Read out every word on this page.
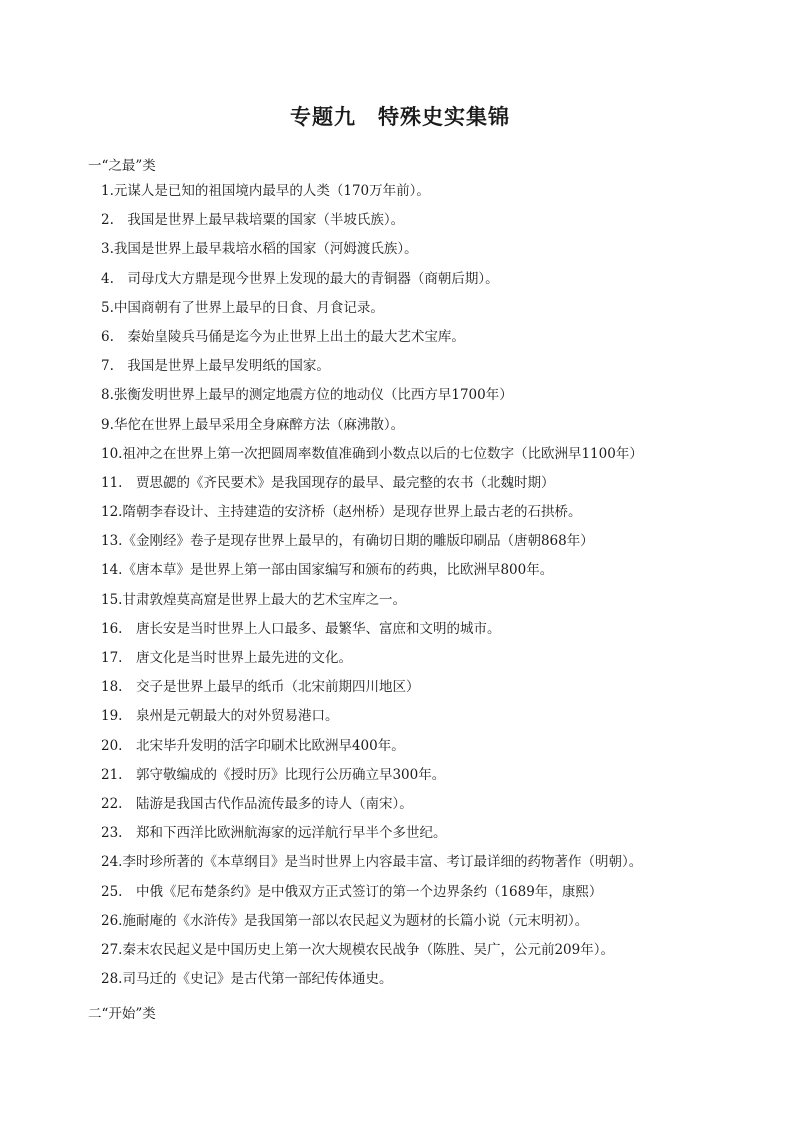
专题九　特殊史实集锦
一“之最”类
1.元谋人是已知的祖国境内最早的人类（170万年前）。
2.　我国是世界上最早栽培粟的国家（半坡氏族）。
3.我国是世界上最早栽培水稻的国家（河姆渡氏族）。
4.　司母戊大方鼎是现今世界上发现的最大的青铜器（商朝后期）。
5.中国商朝有了世界上最早的日食、月食记录。
6.　秦始皇陵兵马俑是迄今为止世界上出土的最大艺术宝库。
7.　我国是世界上最早发明纸的国家。
8.张衡发明世界上最早的测定地震方位的地动仪（比西方早1700年）
9.华佗在世界上最早采用全身麻醉方法（麻沸散）。
10.祖冲之在世界上第一次把圆周率数值准确到小数点以后的七位数字（比欧洲早1100年）
11.　贾思勰的《齐民要术》是我国现存的最早、最完整的农书（北魏时期）
12.隋朝李春设计、主持建造的安济桥（赵州桥）是现存世界上最古老的石拱桥。
13.《金刚经》卷子是现存世界上最早的，有确切日期的雕版印刷品（唐朝868年）
14.《唐本草》是世界上第一部由国家编写和颁布的药典，比欧洲早800年。
15.甘肃敦煌莫高窟是世界上最大的艺术宝库之一。
16.　唐长安是当时世界上人口最多、最繁华、富庶和文明的城市。
17.　唐文化是当时世界上最先进的文化。
18.　交子是世界上最早的纸币（北宋前期四川地区）
19.　泉州是元朝最大的对外贸易港口。
20.　北宋毕升发明的活字印刷术比欧洲早400年。
21.　郭守敬编成的《授时历》比现行公历确立早300年。
22.　陆游是我国古代作品流传最多的诗人（南宋）。
23.　郑和下西洋比欧洲航海家的远洋航行早半个多世纪。
24.李时珍所著的《本草纲目》是当时世界上内容最丰富、考订最详细的药物著作（明朝）。
25.　中俄《尼布楚条约》是中俄双方正式签订的第一个边界条约（1689年，康熙）
26.施耐庵的《水浒传》是我国第一部以农民起义为题材的长篇小说（元末明初）。
27.秦末农民起义是中国历史上第一次大规模农民战争（陈胜、吴广，公元前209年）。
28.司马迁的《史记》是古代第一部纪传体通史。
二“开始”类
